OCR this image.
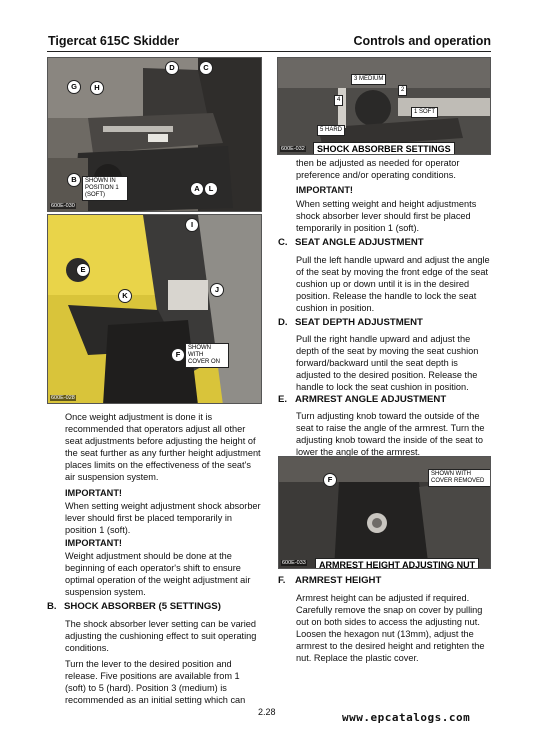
Tigercat 615C Skidder	Controls and operation
600E-030
D	C
G	H
B
A	L
SHOWN IN POSITION 1 (SOFT)
600E-028
I
E
J
K
F
SHOWN WITH COVER ON
600E-032
3 MEDIUM
2
4
1 SOFT
5 HARD
SHOCK ABSORBER SETTINGS
then be adjusted as needed for operator preference and/or operating conditions.
IMPORTANT!
When setting weight and height adjustments shock absorber lever should first be placed temporarily in position 1 (soft).
C. SEAT ANGLE ADJUSTMENT
Pull the left handle upward and adjust the angle of the seat by moving the front edge of the seat cushion up or down until it is in the desired position. Release the handle to lock the seat cushion in position.
D. SEAT DEPTH ADJUSTMENT
Pull the right handle upward and adjust the depth of the seat by moving the seat cushion forward/backward until the seat depth is adjusted to the desired position. Release the handle to lock the seat cushion in position.
E. ARMREST ANGLE ADJUSTMENT
Turn adjusting knob toward the outside of the seat to raise the angle of the armrest. Turn the adjusting knob toward the inside of the seat to lower the angle of the armrest.
600E-033
F
SHOWN WITH COVER REMOVED
ARMREST HEIGHT ADJUSTING NUT
F. ARMREST HEIGHT
Armrest height can be adjusted if required. Carefully remove the snap on cover by pulling out on both sides to access the adjusting nut. Loosen the hexagon nut (13mm), adjust the armrest to the desired height and retighten the nut. Replace the plastic cover.
Once weight adjustment is done it is recommended that operators adjust all other seat adjustments before adjusting the height of the seat further as any further height adjustment places limits on the effectiveness of the seat's air suspension system.
IMPORTANT!
When setting weight adjustment shock absorber lever should first be placed temporarily in position 1 (soft).
IMPORTANT!
Weight adjustment should be done at the beginning of each operator's shift to ensure optimal operation of the weight adjustment air suspension system.
B. SHOCK ABSORBER (5 SETTINGS)
The shock absorber lever setting can be varied adjusting the cushioning effect to suit operating conditions.
Turn the lever to the desired position and release. Five positions are available from 1 (soft) to 5 (hard). Position 3 (medium) is recommended as an initial setting which can
2.28	www.epcatalogs.com
